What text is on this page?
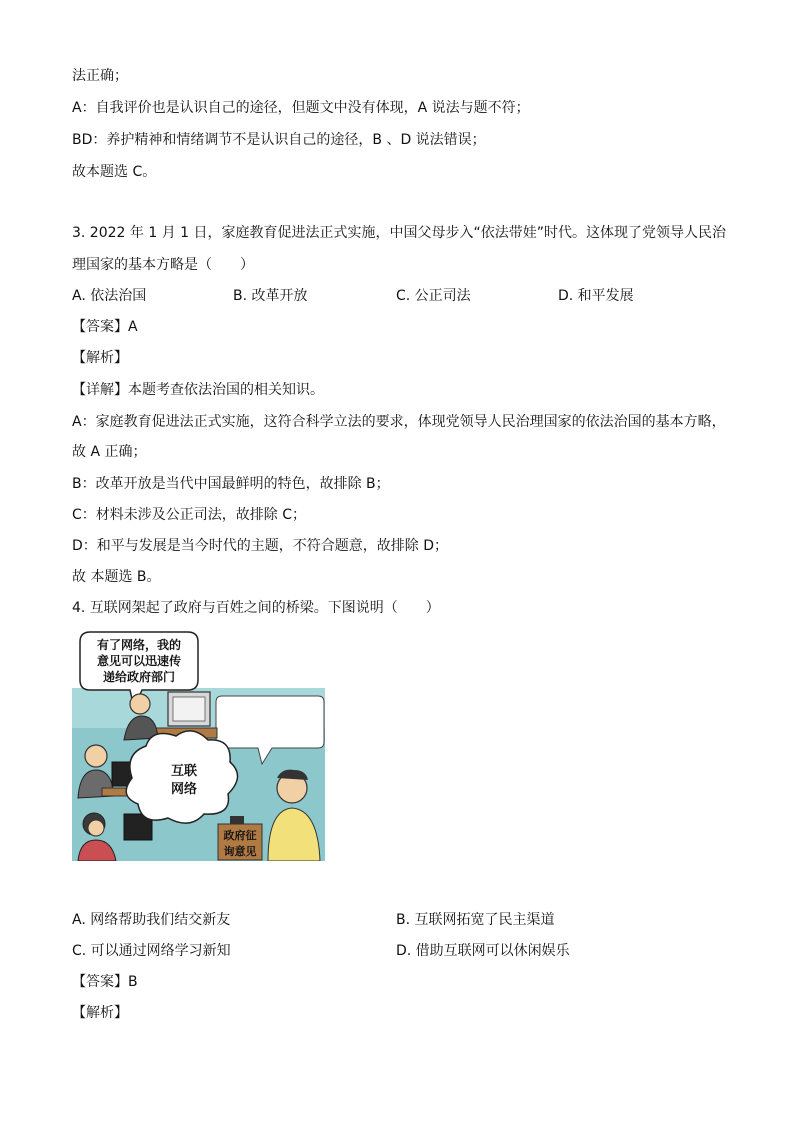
法正确；
A：自我评价也是认识自己的途径，但题文中没有体现，A 说法与题不符；
BD：养护精神和情绪调节不是认识自己的途径，B 、D 说法错误；
故本题选 C。
3. 2022 年 1 月 1 日，家庭教育促进法正式实施，中国父母步入“依法带娃”时代。这体现了党领导人民治
理国家的基本方略是（　　）
A. 依法治国	B. 改革开放	C. 公正司法	D. 和平发展
【答案】A
【解析】
【详解】本题考查依法治国的相关知识。
A：家庭教育促进法正式实施，这符合科学立法的要求，体现党领导人民治理国家的依法治国的基本方略，
故 A 正确；
B：改革开放是当代中国最鲜明的特色，故排除 B；
C：材料未涉及公正司法，故排除 C；
D：和平与发展是当今时代的主题，不符合题意，故排除 D；
故 本题选 B。
4. 互联网架起了政府与百姓之间的桥梁。下图说明（　　）
有了网络，我的
意见可以迅速传
递给政府部门
互联
网络
政府征
询意见
A. 网络帮助我们结交新友	B. 互联网拓宽了民主渠道
C. 可以通过网络学习新知	D. 借助互联网可以休闲娱乐
【答案】B
【解析】
